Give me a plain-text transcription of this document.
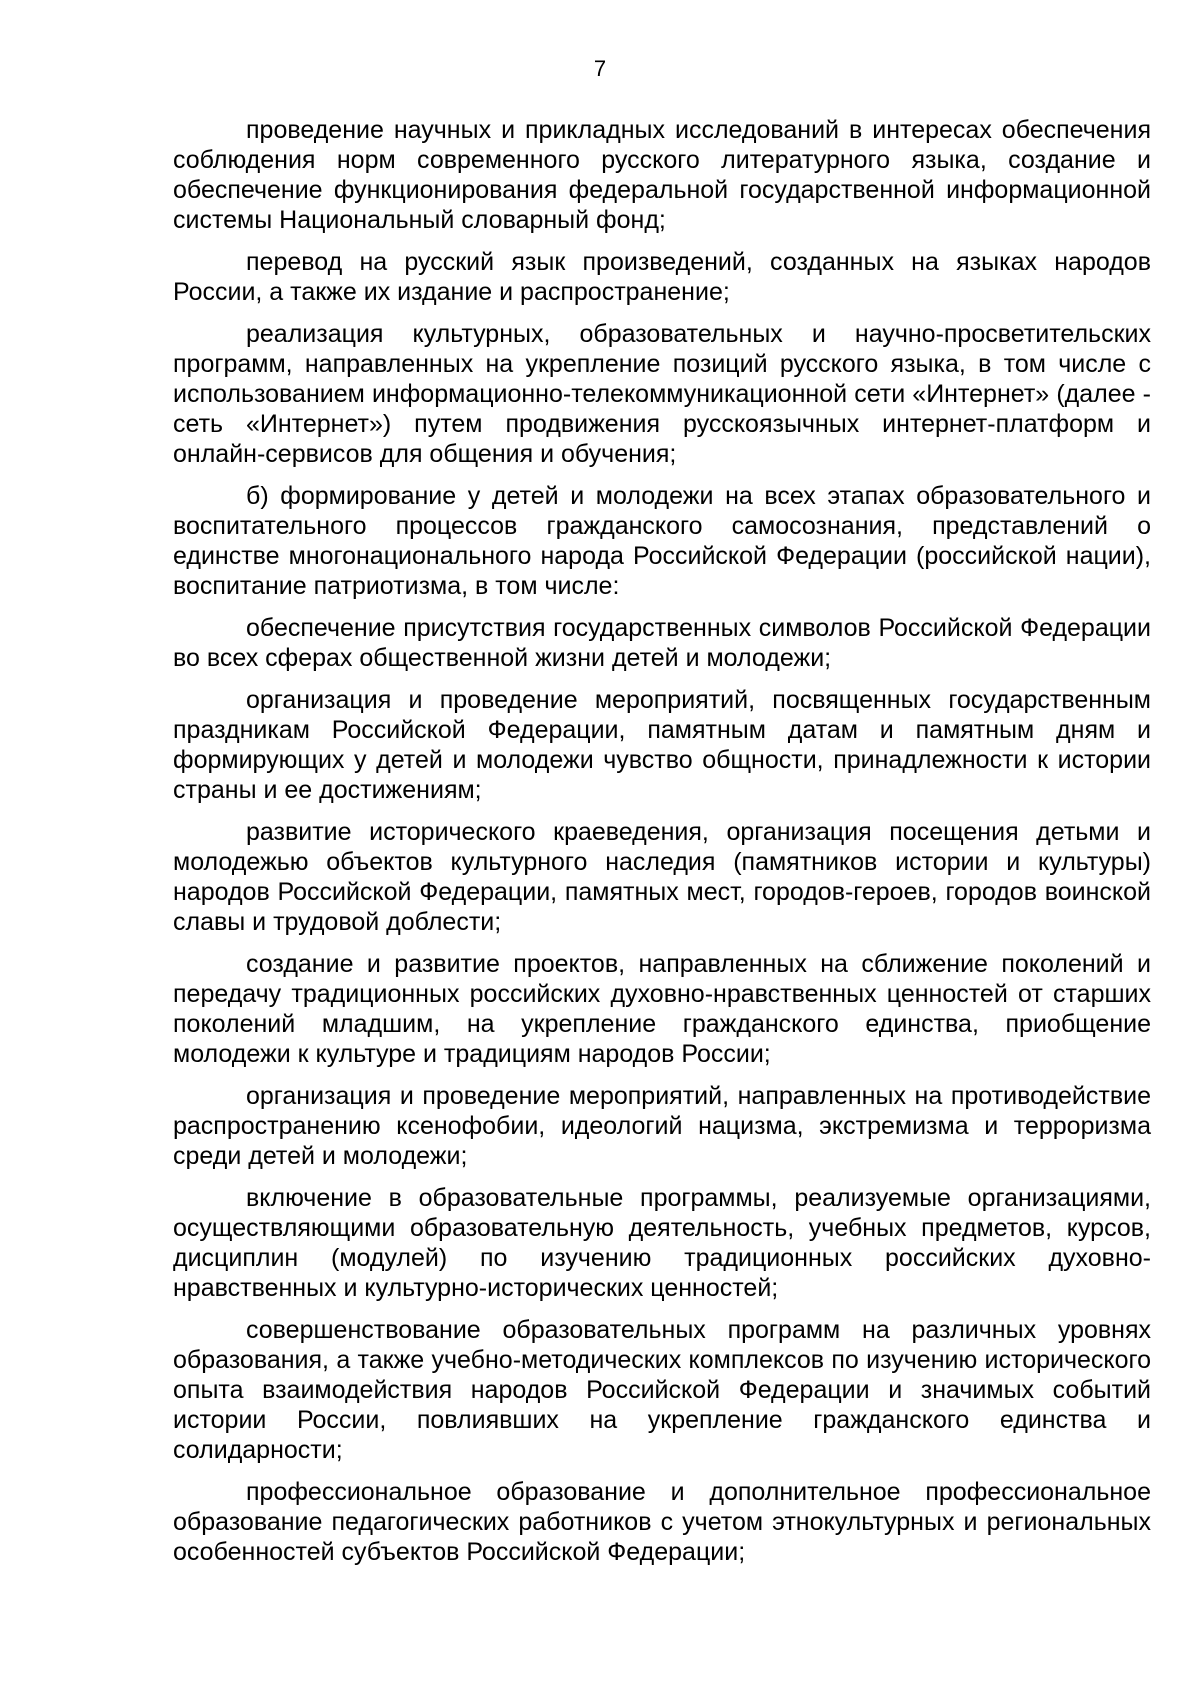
7

проведение научных и прикладных исследований в интересах обеспечения соблюдения норм современного русского литературного языка, создание и обеспечение функционирования федеральной государственной информационной системы Национальный словарный фонд;

перевод на русский язык произведений, созданных на языках народов России, а также их издание и распространение;

реализация культурных, образовательных и научно-просветительских программ, направленных на укрепление позиций русского языка, в том числе с использованием информационно-телекоммуникационной сети «Интернет» (далее - сеть «Интернет») путем продвижения русскоязычных интернет-платформ и онлайн-сервисов для общения и обучения;

б) формирование у детей и молодежи на всех этапах образовательного и воспитательного процессов гражданского самосознания, представлений о единстве многонационального народа Российской Федерации (российской нации), воспитание патриотизма, в том числе:

обеспечение присутствия государственных символов Российской Федерации во всех сферах общественной жизни детей и молодежи;

организация и проведение мероприятий, посвященных государственным праздникам Российской Федерации, памятным датам и памятным дням и формирующих у детей и молодежи чувство общности, принадлежности к истории страны и ее достижениям;

развитие исторического краеведения, организация посещения детьми и молодежью объектов культурного наследия (памятников истории и культуры) народов Российской Федерации, памятных мест, городов-героев, городов воинской славы и трудовой доблести;

создание и развитие проектов, направленных на сближение поколений и передачу традиционных российских духовно-нравственных ценностей от старших поколений младшим, на укрепление гражданского единства, приобщение молодежи к культуре и традициям народов России;

организация и проведение мероприятий, направленных на противодействие распространению ксенофобии, идеологий нацизма, экстремизма и терроризма среди детей и молодежи;

включение в образовательные программы, реализуемые организациями, осуществляющими образовательную деятельность, учебных предметов, курсов, дисциплин (модулей) по изучению традиционных российских духовно-нравственных и культурно-исторических ценностей;

совершенствование образовательных программ на различных уровнях образования, а также учебно-методических комплексов по изучению исторического опыта взаимодействия народов Российской Федерации и значимых событий истории России, повлиявших на укрепление гражданского единства и солидарности;

профессиональное образование и дополнительное профессиональное образование педагогических работников с учетом этнокультурных и региональных особенностей субъектов Российской Федерации;
